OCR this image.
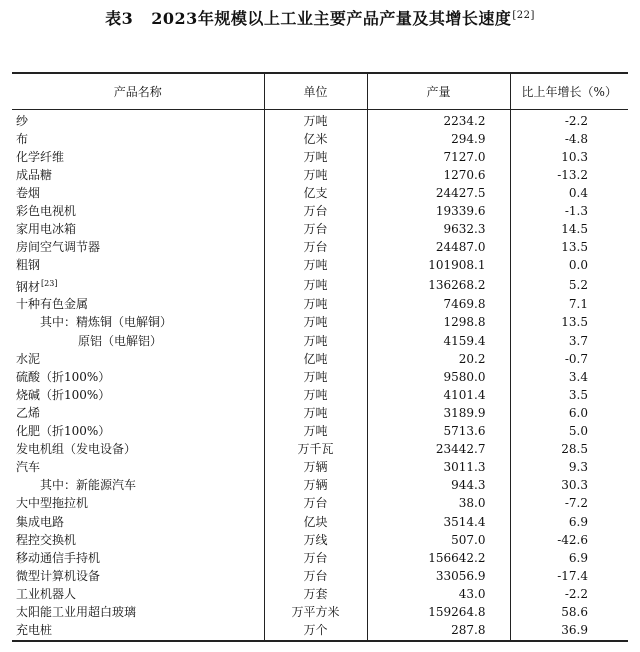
表3 2023年规模以上工业主要产品产量及其增长速度[22]
产品名称	单位	产量	比上年增长（%）
纱	万吨	2234.2	-2.2
布	亿米	294.9	-4.8
化学纤维	万吨	7127.0	10.3
成品糖	万吨	1270.6	-13.2
卷烟	亿支	24427.5	0.4
彩色电视机	万台	19339.6	-1.3
家用电冰箱	万台	9632.3	14.5
房间空气调节器	万台	24487.0	13.5
粗钢	万吨	101908.1	0.0
钢材[23]	万吨	136268.2	5.2
十种有色金属	万吨	7469.8	7.1
其中：精炼铜（电解铜）	万吨	1298.8	13.5
原铝（电解铝）	万吨	4159.4	3.7
水泥	亿吨	20.2	-0.7
硫酸（折100%）	万吨	9580.0	3.4
烧碱（折100%）	万吨	4101.4	3.5
乙烯	万吨	3189.9	6.0
化肥（折100%）	万吨	5713.6	5.0
发电机组（发电设备）	万千瓦	23442.7	28.5
汽车	万辆	3011.3	9.3
其中：新能源汽车	万辆	944.3	30.3
大中型拖拉机	万台	38.0	-7.2
集成电路	亿块	3514.4	6.9
程控交换机	万线	507.0	-42.6
移动通信手持机	万台	156642.2	6.9
微型计算机设备	万台	33056.9	-17.4
工业机器人	万套	43.0	-2.2
太阳能工业用超白玻璃	万平方米	159264.8	58.6
充电桩	万个	287.8	36.9
